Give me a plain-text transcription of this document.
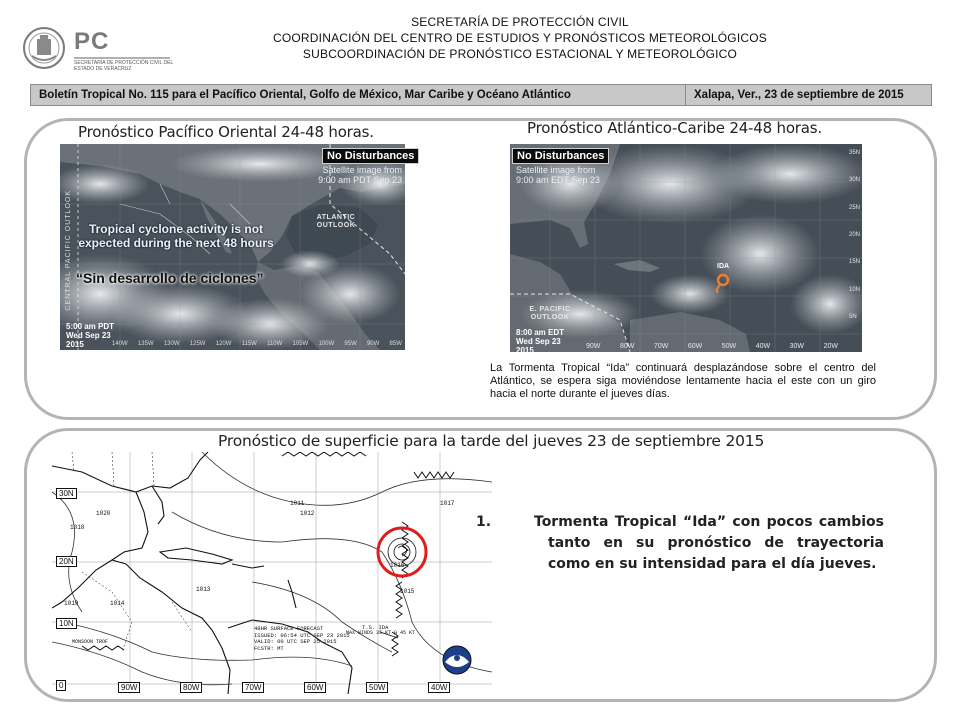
PC
SECRETARÍA DE PROTECCIÓN CIVIL DEL ESTADO DE VERACRUZ
SECRETARÍA DE PROTECCIÓN CIVIL
COORDINACIÓN DEL CENTRO DE ESTUDIOS Y PRONÓSTICOS METEOROLÓGICOS
SUBCOORDINACIÓN DE PRONÓSTICO ESTACIONAL Y METEOROLÓGICO
Boletín Tropical No. 115 para el Pacífico Oriental, Golfo de México, Mar Caribe y Océano Atlántico	Xalapa, Ver., 23 de septiembre de 2015
Pronóstico Pacífico Oriental 24-48 horas.	Pronóstico Atlántico-Caribe 24-48 horas.
CENTRAL PACIFIC OUTLOOK
No Disturbances
Satellite image from 9:00 am PDT Sep 23
Tropical cyclone activity is not expected during the next 48 hours
ATLANTIC OUTLOOK
“Sin desarrollo de ciclones”
5:00 am PDT Wed Sep 23 2015	140W 135W 130W 125W 120W 115W 110W 105W 100W 95W 90W 85W
No Disturbances
Satellite image from 9:00 am EDT Sep 23
IDA
E. PACIFIC OUTLOOK
8:00 am EDT Wed Sep 23 2015	90W	80W	70W	60W	50W	40W	30W	20W
35N
30N
25N
20N
15N
10N
5N
La Tormenta Tropical “Ida” continuará desplazándose sobre el centro del Atlántico, se espera siga moviéndose lentamente hacia el este con un giro hacia el norte durante el jueves días.
Pronóstico de superficie para la tarde del jueves 23 de septiembre 2015
30N
20N
10N
0	90W	80W	70W	60W	50W	40W
48HR SURFACE FORECAST
ISSUED: 06:54 UTC SEP 23 2015
VALID: 00 UTC SEP 25 2015
FCSTR: MT
T.S. IDA
MAX WINDS 35 KT G 45 KT
MONSOON TROF
1011
1012
1013
1014
1015
1016
1017
1018
1019
1020
1.	Tormenta Tropical “Ida” con pocos cambios tanto en su pronóstico de trayectoria como en su intensidad para el día jueves.
